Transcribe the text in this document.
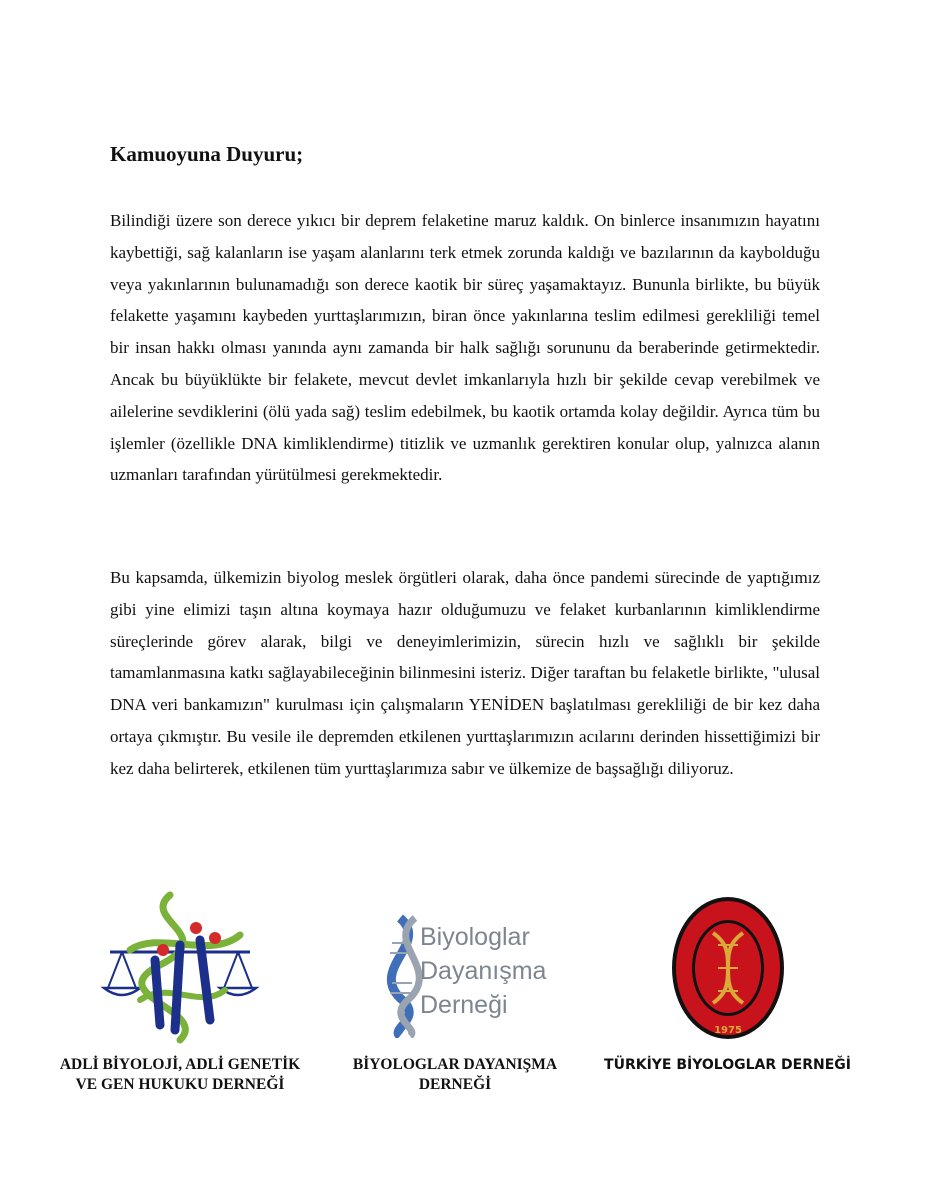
Kamuoyuna Duyuru;

Bilindiği üzere son derece yıkıcı bir deprem felaketine maruz kaldık. On binlerce insanımızın hayatını kaybettiği, sağ kalanların ise yaşam alanlarını terk etmek zorunda kaldığı ve bazılarının da kaybolduğu veya yakınlarının bulunamadığı son derece kaotik bir süreç yaşamaktayız. Bununla birlikte, bu büyük felakette yaşamını kaybeden yurttaşlarımızın, biran önce yakınlarına teslim edilmesi gerekliliği temel bir insan hakkı olması yanında aynı zamanda bir halk sağlığı sorununu da beraberinde getirmektedir. Ancak bu büyüklükte bir felakete, mevcut devlet imkanlarıyla hızlı bir şekilde cevap verebilmek ve ailelerine sevdiklerini (ölü yada sağ) teslim edebilmek, bu kaotik ortamda kolay değildir. Ayrıca tüm bu işlemler (özellikle DNA kimliklendirme) titizlik ve uzmanlık gerektiren konular olup, yalnızca alanın uzmanları tarafından yürütülmesi gerekmektedir.

Bu kapsamda, ülkemizin biyolog meslek örgütleri olarak, daha önce pandemi sürecinde de yaptığımız gibi yine elimizi taşın altına koymaya hazır olduğumuzu ve felaket kurbanlarının kimliklendirme süreçlerinde görev alarak, bilgi ve deneyimlerimizin, sürecin hızlı ve sağlıklı bir şekilde tamamlanmasına katkı sağlayabileceğinin bilinmesini isteriz. Diğer taraftan bu felaketle birlikte, "ulusal DNA veri bankamızın" kurulması için çalışmaların YENİDEN başlatılması gerekliliği de bir kez daha ortaya çıkmıştır. Bu vesile ile depremden etkilenen yurttaşlarımızın acılarını derinden hissettiğimizi bir kez daha belirterek, etkilenen tüm yurttaşlarımıza sabır ve ülkemize de başsağlığı diliyoruz.

ADLİ BİYOLOJİ, ADLİ GENETİK

VE GEN HUKUKU DERNEĞİ

Biyologlar
Dayanışma
Derneği

BİYOLOGLAR DAYANIŞMA

DERNEĞİ

1975

TÜRKİYE BİYOLOGLAR DERNEĞİ
